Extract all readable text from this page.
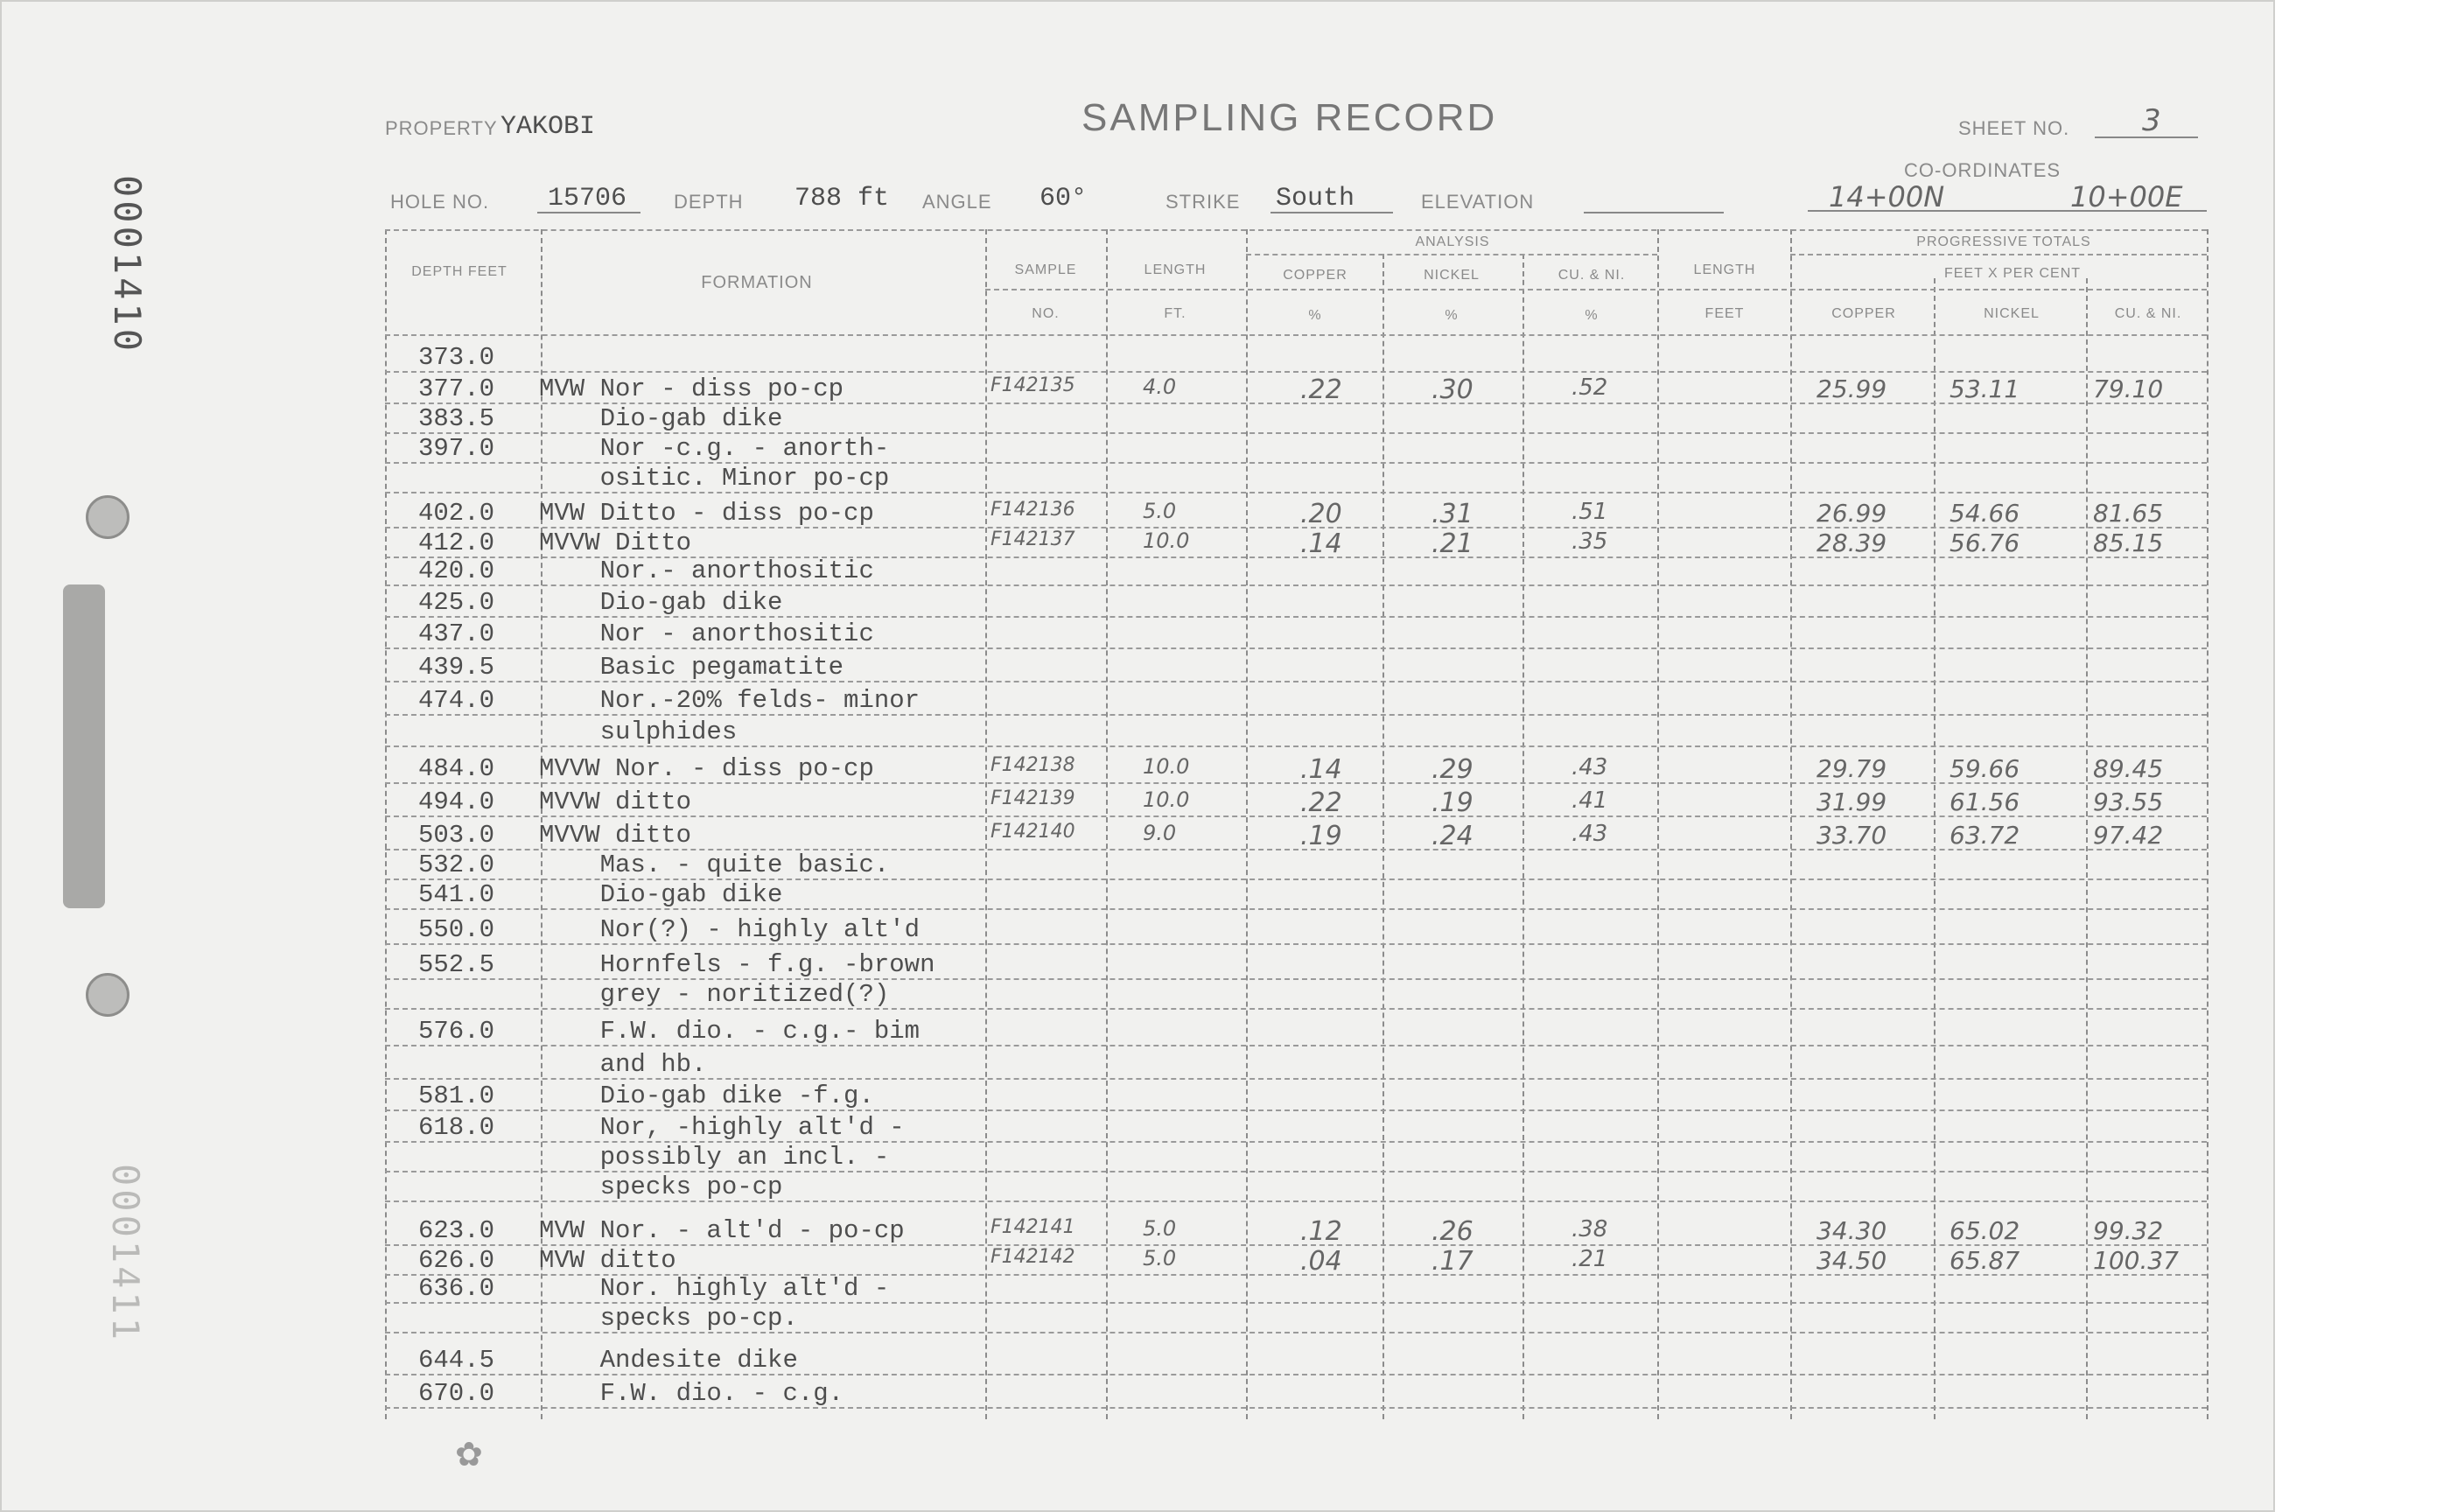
0001410
0001411
PROPERTY YAKOBI	SAMPLING RECORD	SHEET NO. 3
CO-ORDINATES
14+00N	10+00E
HOLE NO. 15706 DEPTH 788 ft ANGLE 60°	STRIKE South	ELEVATION
DEPTH FEET
FORMATION
SAMPLE
NO.
LENGTH
FT.
ANALYSIS
COPPER	NICKEL	CU. & NI.
%	%	%
LENGTH
FEET
PROGRESSIVE TOTALS
FEET X PER CENT
COPPER	NICKEL	CU. & NI.
373.0
377.0 MVW Nor - diss po-cp	F142135	4.0	.22	.30	.52	25.99	53.11	79.10
383.5 Dio-gab dike
397.0 Nor -c.g. - anorth-
ositic. Minor po-cp
402.0 MVW Ditto - diss po-cp	F142136	5.0	.20	.31	.51	26.99	54.66	81.65
412.0 MVVW Ditto	F142137	10.0	.14	.21	.35	28.39	56.76	85.15
420.0 Nor.- anorthositic
425.0 Dio-gab dike
437.0 Nor - anorthositic
439.5 Basic pegamatite
474.0 Nor.-20% felds- minor
sulphides
484.0 MVVW Nor. - diss po-cp	F142138	10.0	.14	.29	.43	29.79	59.66	89.45
494.0 MVVW ditto	F142139	10.0	.22	.19	.41	31.99	61.56	93.55
503.0 MVVW ditto	F142140	9.0	.19	.24	.43	33.70	63.72	97.42
532.0 Mas. - quite basic.
541.0 Dio-gab dike
550.0 Nor(?) - highly alt'd
552.5 Hornfels - f.g. -brown
grey - noritized(?)
576.0 F.W. dio. - c.g.- bim
and hb.
581.0 Dio-gab dike -f.g.
618.0 Nor, -highly alt'd -
possibly an incl. -
specks po-cp
623.0 MVW Nor. - alt'd - po-cp	F142141	5.0	.12	.26	.38	34.30	65.02	99.32
626.0 MVW ditto	F142142	5.0	.04	.17	.21	34.50	65.87	100.37
636.0 Nor. highly alt'd -
specks po-cp.
644.5 Andesite dike
670.0 F.W. dio. - c.g.
✿
